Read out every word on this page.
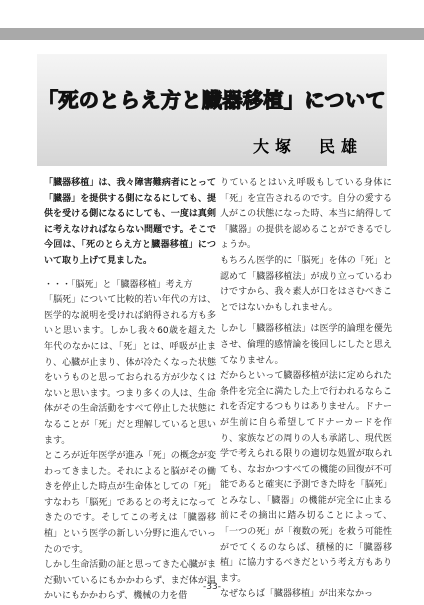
「死のとらえ方と臓器移植」について
大塚　民雄

「臓器移植」は、我々障害難病者にとって「臓器」を提供する側になるにしても、提供を受ける側になるにしても、一度は真剣に考えなければならない問題です。そこで今回は、「死のとらえ方と臓器移植」について取り上げて見ました。

・・・「脳死」と「臓器移植」考え方

「脳死」について比較的若い年代の方は、医学的な説明を受ければ納得される方も多いと思います。しかし我々60歳を超えた年代のなかには、「死」とは、呼吸が止まり、心臓が止まり、体が冷たくなった状態をいうものと思っておられる方が少なくはないと思います。つまり多くの人は、生命体がその生命活動をすべて停止した状態になることが「死」だと理解していると思います。

ところが近年医学が進み「死」の概念が変わってきました。それによると脳がその働きを停止した時点が生命体としての「死」すなわち「脳死」であるとの考えになってきたのです。そしてこの考えは「臓器移植」という医学の新しい分野に進んでいったのです。

しかし生命活動の証と思ってきた心臓がまだ動いているにもかかわらず、まだ体が温かいにもかかわらず、機械の力を借

りているとはいえ呼吸もしている身体に「死」を宣告されるのです。自分の愛する人がこの状態になった時、本当に納得して「臓器」の提供を認めることができるでしょうか。

もちろん医学的に「脳死」を体の「死」と認めて「臓器移植法」が成り立っているわけですから、我々素人が口をはさむべきことではないかもしれません。

しかし「臓器移植法」は医学的論理を優先させ、倫理的感情論を後回しにしたと思えてなりません。

だからといって臓器移植が法に定められた条件を完全に満たした上で行われるならこれを否定するつもりはありません。ドナーが生前に自ら希望してドナーカードを作り、家族などの周りの人も承諾し、現代医学で考えられる限りの適切な処置が取られても、なおかつすべての機能の回復が不可能であると確実に予測できた時を「脳死」とみなし、「臓器」の機能が完全に止まる前にその摘出に踏み切ることによって、「一つの死」が「複数の死」を救う可能性がでてくるのならば、積極的に「臓器移植」に協力するべきだという考え方もあります。

なぜならば「臓器移植」が出来なかっ

-33-
